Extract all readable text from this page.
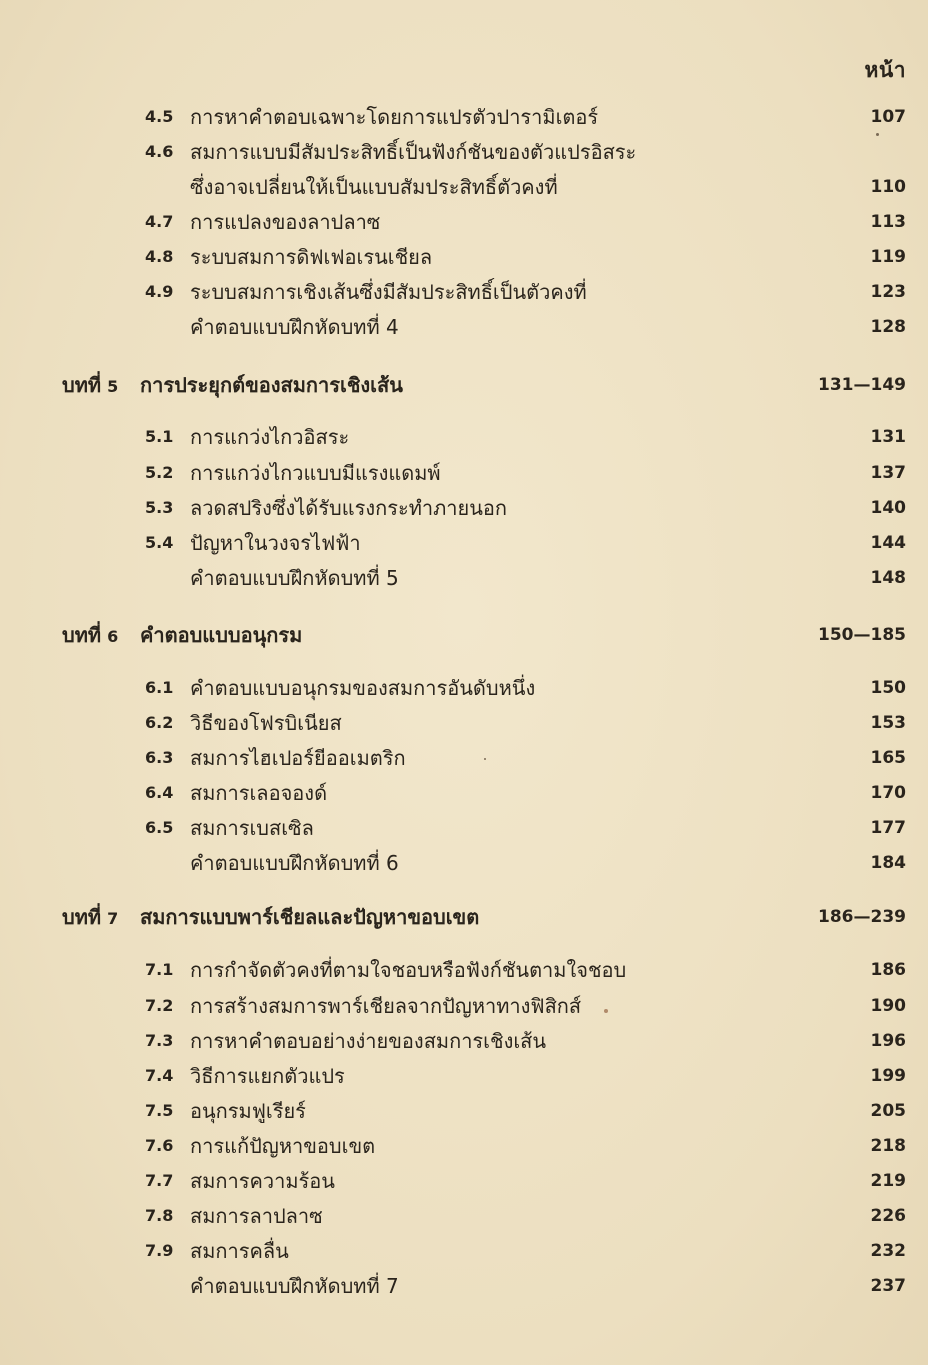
หน้า
4.5 การหาคำตอบเฉพาะโดยการแปรตัวปารามิเตอร์	107
4.6 สมการแบบมีสัมประสิทธิ์เป็นฟังก์ชันของตัวแปรอิสระ
ซึ่งอาจเปลี่ยนให้เป็นแบบสัมประสิทธิ์ตัวคงที่	110
4.7 การแปลงของลาปลาซ	113
4.8 ระบบสมการดิฟเฟอเรนเชียล	119
4.9 ระบบสมการเชิงเส้นซึ่งมีสัมประสิทธิ์เป็นตัวคงที่	123
คำตอบแบบฝึกหัดบทที่ 4	128
บทที่ 5 การประยุกต์ของสมการเชิงเส้น	131—149
5.1 การแกว่งไกวอิสระ	131
5.2 การแกว่งไกวแบบมีแรงแดมพ์	137
5.3 ลวดสปริงซึ่งได้รับแรงกระทำภายนอก	140
5.4 ปัญหาในวงจรไฟฟ้า	144
คำตอบแบบฝึกหัดบทที่ 5	148
บทที่ 6 คำตอบแบบอนุกรม	150—185
6.1 คำตอบแบบอนุกรมของสมการอันดับหนึ่ง	150
6.2 วิธีของโฟรบิเนียส	153
6.3 สมการไฮเปอร์ยีออเมตริก	165
6.4 สมการเลอจองด์	170
6.5 สมการเบสเซิล	177
คำตอบแบบฝึกหัดบทที่ 6	184
บทที่ 7 สมการแบบพาร์เชียลและปัญหาขอบเขต	186—239
7.1 การกำจัดตัวคงที่ตามใจชอบหรือฟังก์ชันตามใจชอบ	186
7.2 การสร้างสมการพาร์เชียลจากปัญหาทางฟิสิกส์	190
7.3 การหาคำตอบอย่างง่ายของสมการเชิงเส้น	196
7.4 วิธีการแยกตัวแปร	199
7.5 อนุกรมฟูเรียร์	205
7.6 การแก้ปัญหาขอบเขต	218
7.7 สมการความร้อน	219
7.8 สมการลาปลาซ	226
7.9 สมการคลื่น	232
คำตอบแบบฝึกหัดบทที่ 7	237
